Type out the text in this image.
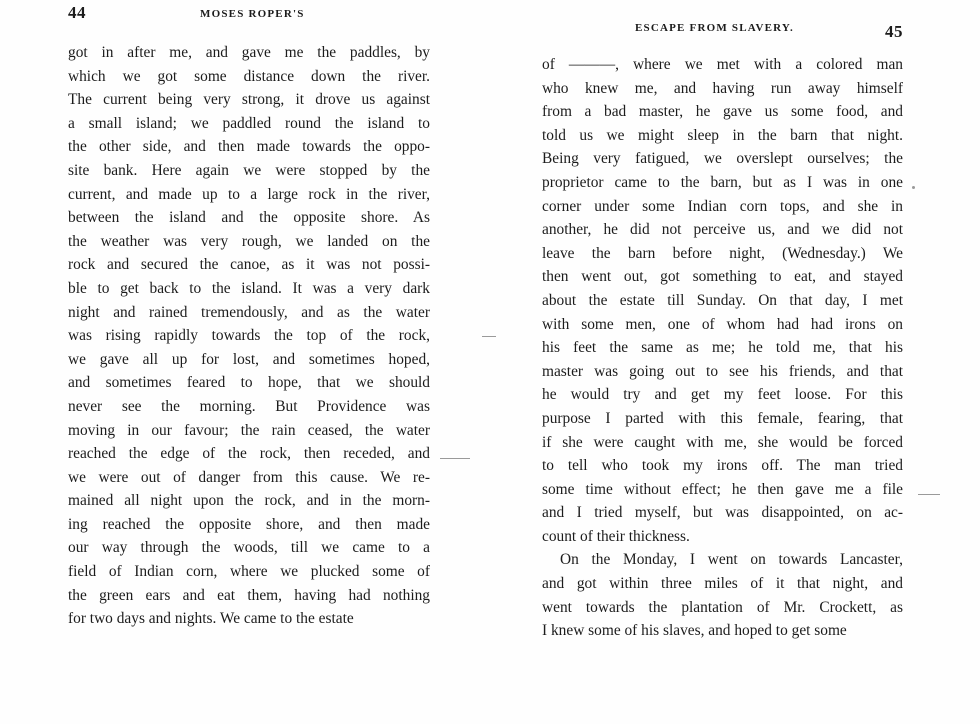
44	MOSES ROPER'S
got in after me, and gave me the paddles, by
which we got some distance down the river.
The current being very strong, it drove us against
a small island; we paddled round the island to
the other side, and then made towards the oppo-
site bank. Here again we were stopped by the
current, and made up to a large rock in the river,
between the island and the opposite shore. As
the weather was very rough, we landed on the
rock and secured the canoe, as it was not possi-
ble to get back to the island. It was a very dark
night and rained tremendously, and as the water
was rising rapidly towards the top of the rock,
we gave all up for lost, and sometimes hoped,
and sometimes feared to hope, that we should
never see the morning. But Providence was
moving in our favour; the rain ceased, the water
reached the edge of the rock, then receded, and
we were out of danger from this cause. We re-
mained all night upon the rock, and in the morn-
ing reached the opposite shore, and then made
our way through the woods, till we came to a
field of Indian corn, where we plucked some of
the green ears and eat them, having had nothing
for two days and nights. We came to the estate
ESCAPE FROM SLAVERY.	45
of ———, where we met with a colored man
who knew me, and having run away himself
from a bad master, he gave us some food, and
told us we might sleep in the barn that night.
Being very fatigued, we overslept ourselves; the
proprietor came to the barn, but as I was in one
corner under some Indian corn tops, and she in
another, he did not perceive us, and we did not
leave the barn before night, (Wednesday.) We
then went out, got something to eat, and stayed
about the estate till Sunday. On that day, I met
with some men, one of whom had had irons on
his feet the same as me; he told me, that his
master was going out to see his friends, and that
he would try and get my feet loose. For this
purpose I parted with this female, fearing, that
if she were caught with me, she would be forced
to tell who took my irons off. The man tried
some time without effect; he then gave me a file
and I tried myself, but was disappointed, on ac-
count of their thickness.
On the Monday, I went on towards Lancaster,
and got within three miles of it that night, and
went towards the plantation of Mr. Crockett, as
I knew some of his slaves, and hoped to get some
